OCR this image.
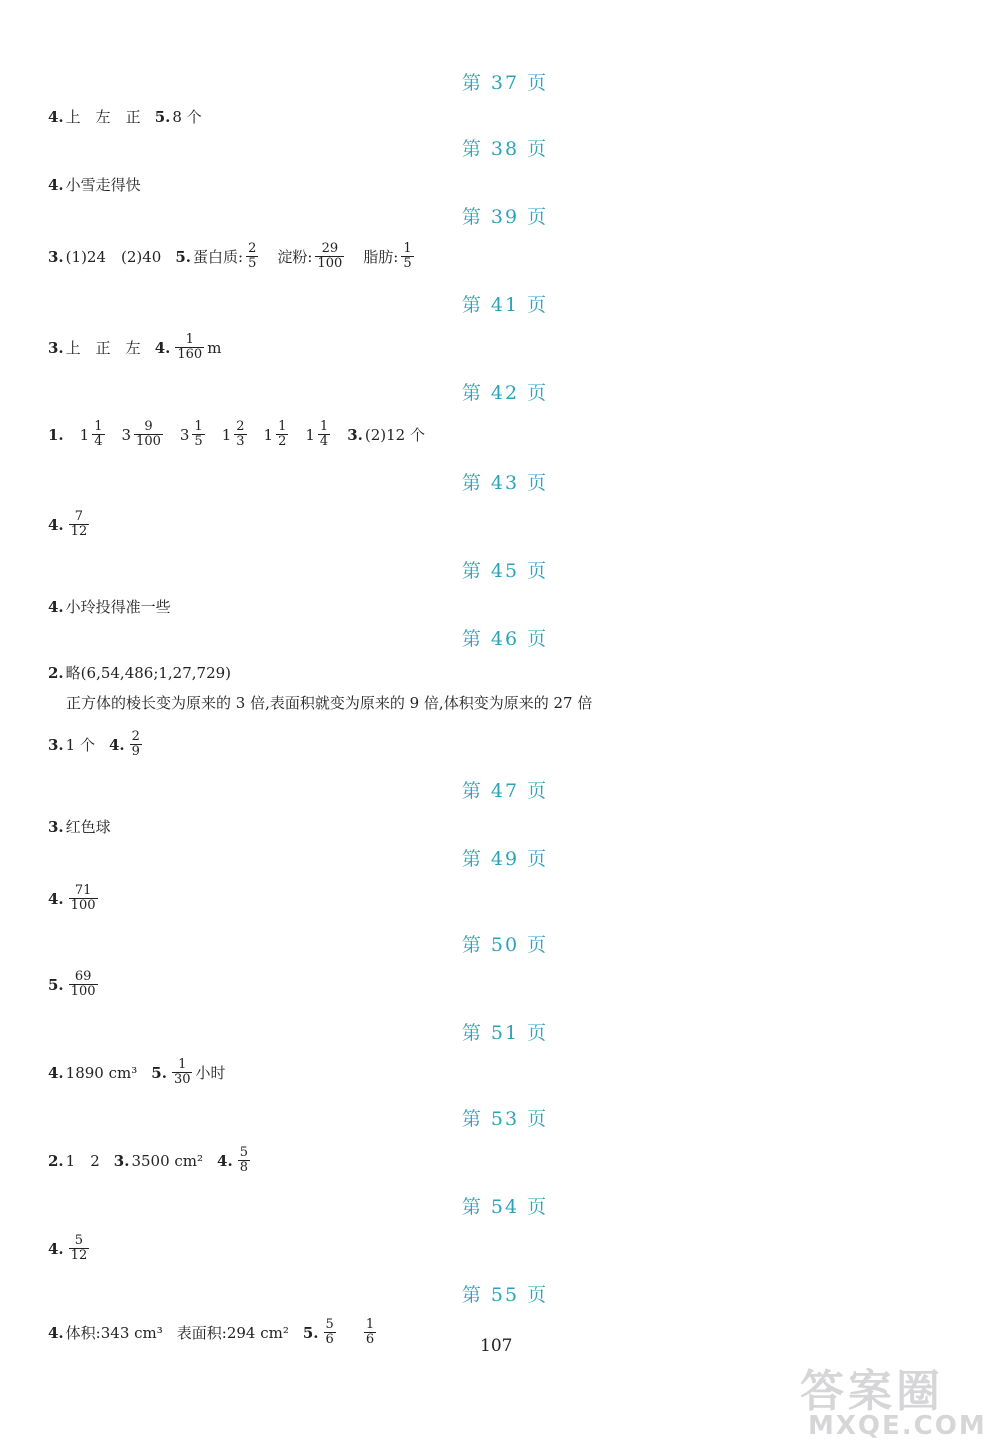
第 37 页
4. 上　左　正 5. 8 个
第 38 页
4. 小雪走得快
第 39 页
3. (1)24　(2)40 5. 蛋白质: $\frac{2}{5}$ 淀粉: $\frac{29}{100}$ 脂肪: $\frac{1}{5}$
第 41 页
3. 上　正　左 4. $\frac{1}{160}$ m
第 42 页
1. $1 \frac{1}{4} 3 \frac{9}{100} 3 \frac{1}{5} 1 \frac{2}{3} 1 \frac{1}{2} 1 \frac{1}{4} 3$. (2)12 个
第 43 页
4. $\frac{7}{12}$
第 45 页
4. 小玲投得准一些
第 46 页
2. 略(6,54,486;1,27,729)
正方体的棱长变为原来的 3 倍,表面积就变为原来的 9 倍,体积变为原来的 27 倍
3. 1 个 4. $\frac{2}{9}$
第 47 页
3. 红色球
第 49 页
4. $\frac{71}{100}$
第 50 页
5. $\frac{69}{100}$
第 51 页
4. 1890 cm³ 5. $\frac{1}{30}$ 小时
第 53 页
2. 1　2 3. 3500 cm² 4. $\frac{5}{8}$
第 54 页
4. $\frac{5}{12}$
第 55 页
4. 体积:343 cm³ 表面积:294 cm² 5. $\frac{5}{6} \frac{1}{6}$	107
答案圈
MXQE.COM
